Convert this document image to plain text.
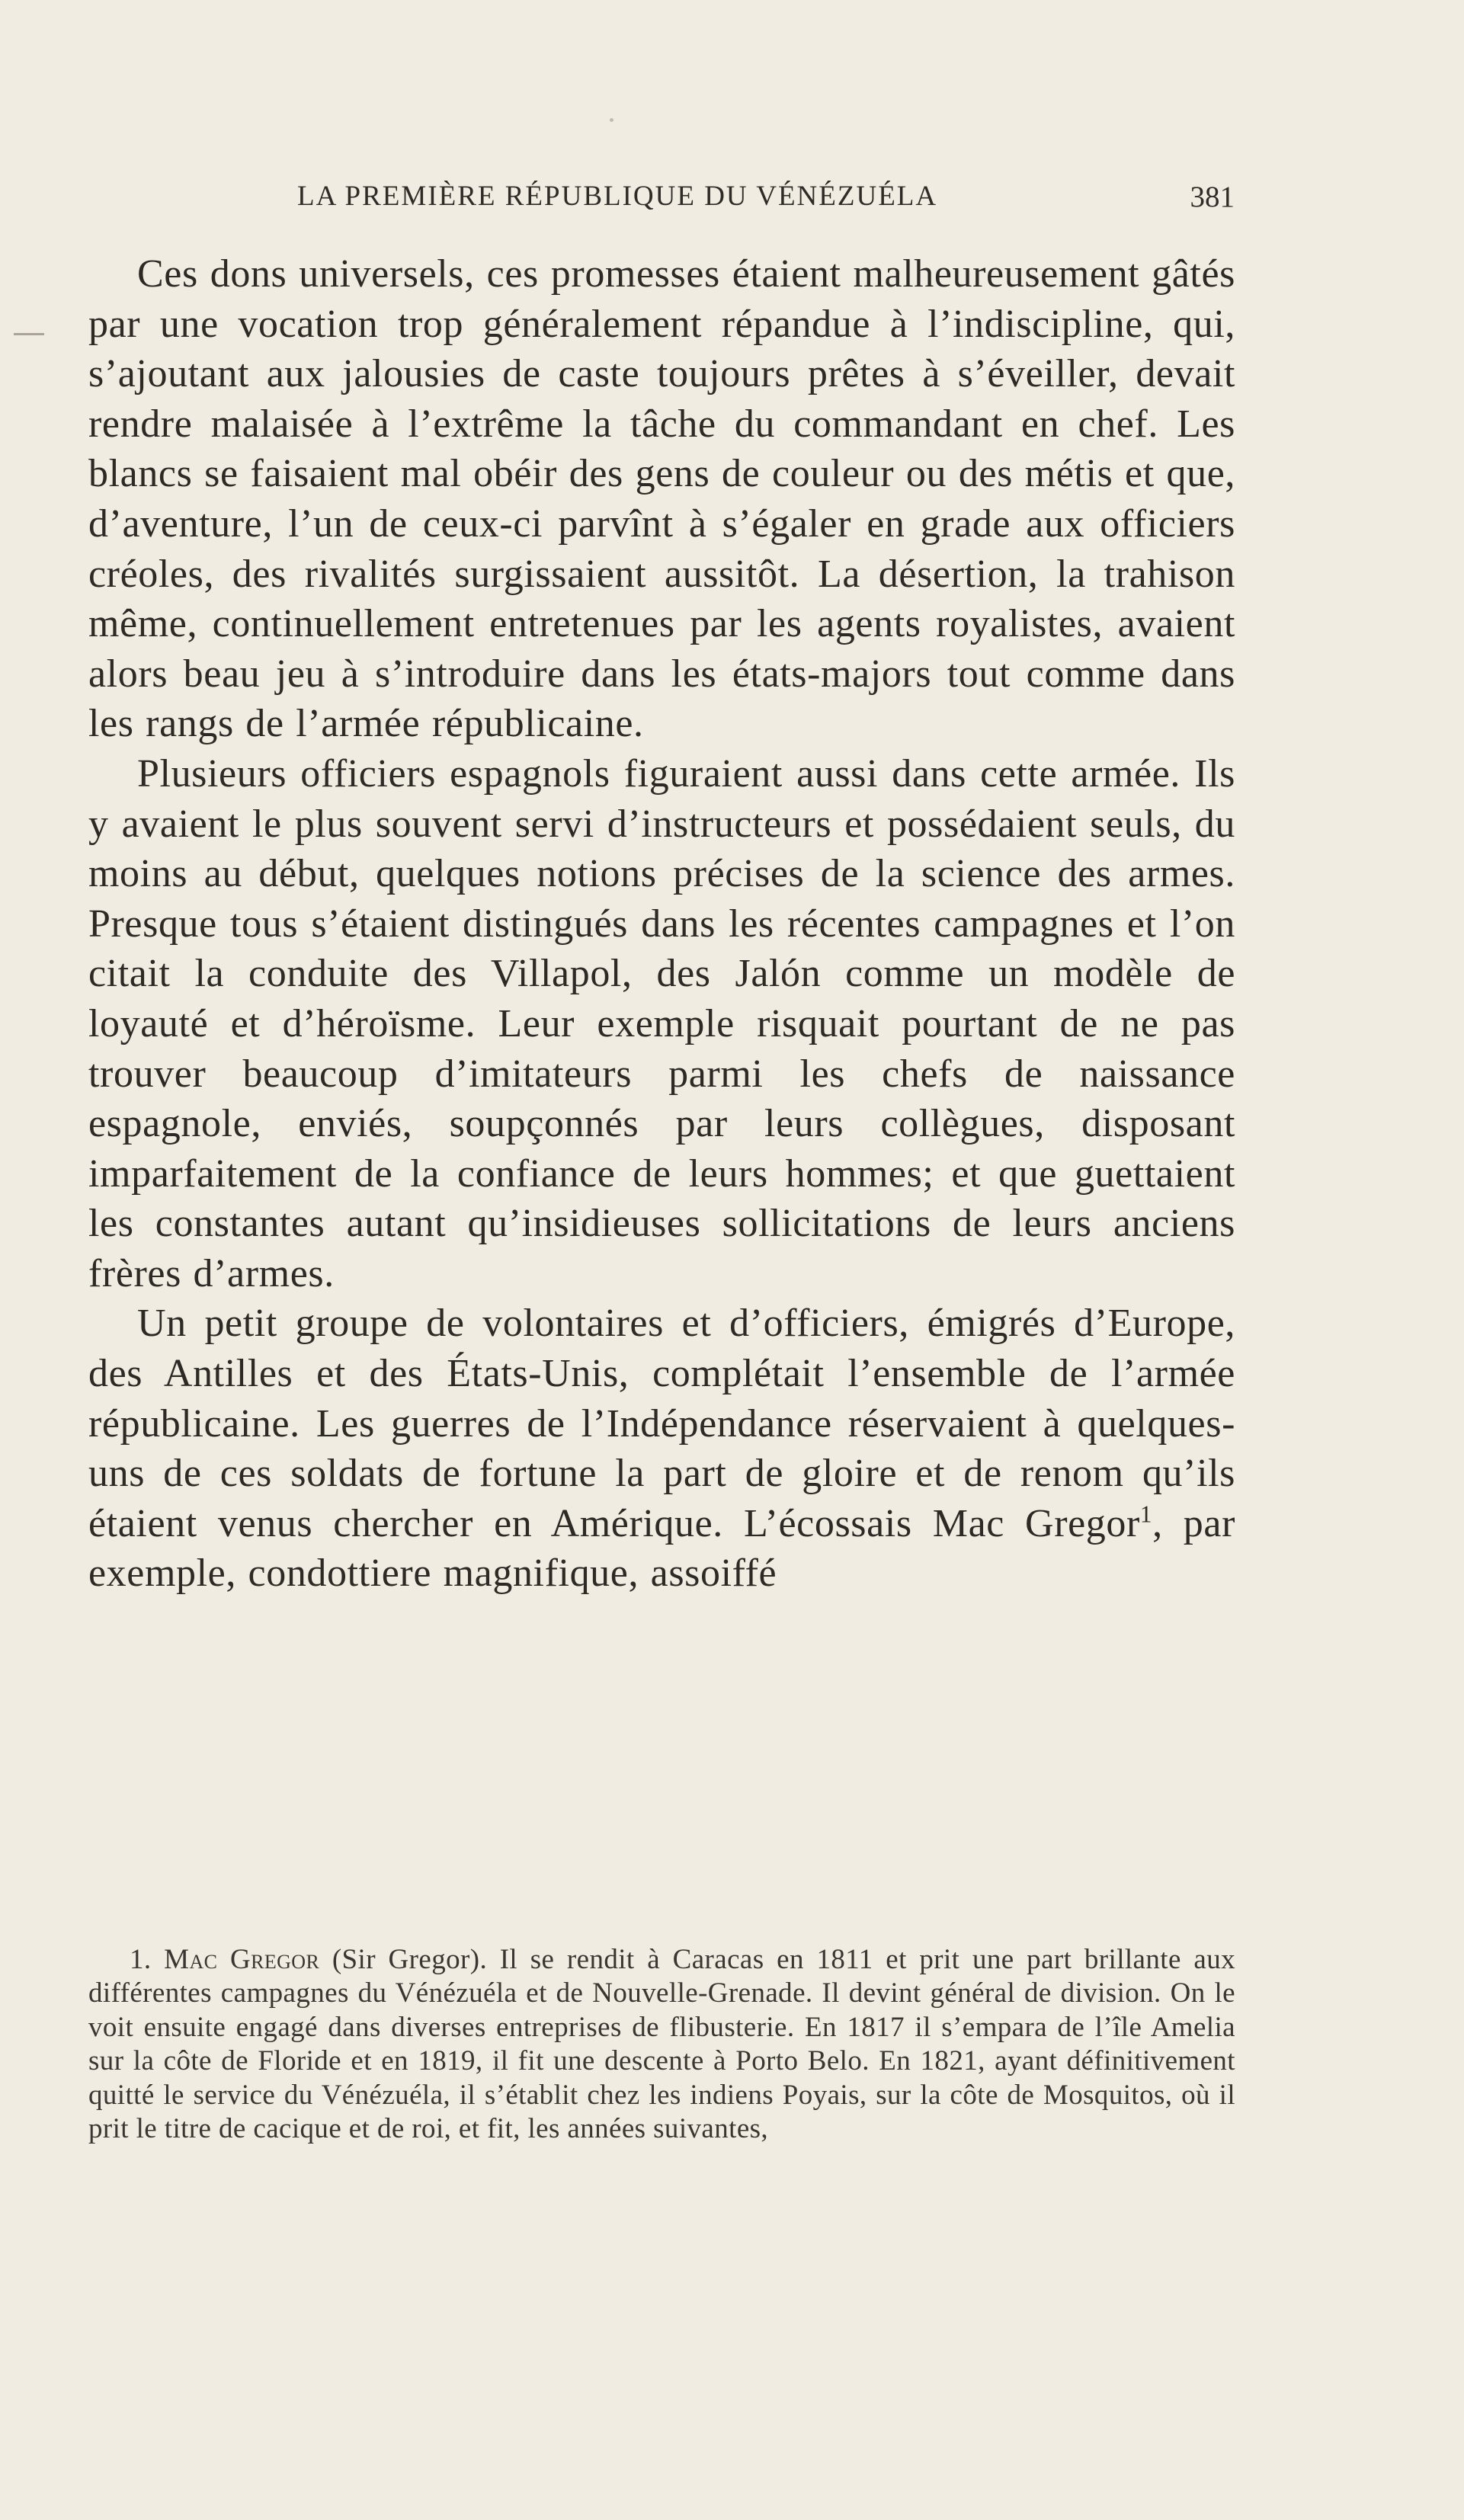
LA PREMIÈRE RÉPUBLIQUE DU VÉNÉZUÉLA	381

Ces dons universels, ces promesses étaient malheureusement gâtés par une vocation trop généralement répandue à l’indiscipline, qui, s’ajoutant aux jalousies de caste toujours prêtes à s’éveiller, devait rendre malaisée à l’extrême la tâche du commandant en chef. Les blancs se faisaient mal obéir des gens de couleur ou des métis et que, d’aventure, l’un de ceux-ci parvînt à s’égaler en grade aux officiers créoles, des rivalités surgissaient aussitôt. La désertion, la trahison même, continuellement entretenues par les agents royalistes, avaient alors beau jeu à s’introduire dans les états-majors tout comme dans les rangs de l’armée républicaine.

Plusieurs officiers espagnols figuraient aussi dans cette armée. Ils y avaient le plus souvent servi d’instructeurs et possédaient seuls, du moins au début, quelques notions précises de la science des armes. Presque tous s’étaient distingués dans les récentes campagnes et l’on citait la conduite des Villapol, des Jalón comme un modèle de loyauté et d’héroïsme. Leur exemple risquait pourtant de ne pas trouver beaucoup d’imitateurs parmi les chefs de naissance espagnole, enviés, soupçonnés par leurs collègues, disposant imparfaitement de la confiance de leurs hommes; et que guettaient les constantes autant qu’insidieuses sollicitations de leurs anciens frères d’armes.

Un petit groupe de volontaires et d’officiers, émigrés d’Europe, des Antilles et des États-Unis, complétait l’ensemble de l’armée républicaine. Les guerres de l’Indépendance réservaient à quelques-uns de ces soldats de fortune la part de gloire et de renom qu’ils étaient venus chercher en Amérique. L’écossais Mac Gregor$^1$, par exemple, condottiere magnifique, assoiffé

1. Mac Gregor (Sir Gregor). Il se rendit à Caracas en 1811 et prit une part brillante aux différentes campagnes du Vénézuéla et de Nouvelle-Grenade. Il devint général de division. On le voit ensuite engagé dans diverses entreprises de flibusterie. En 1817 il s’empara de l’île Amelia sur la côte de Floride et en 1819, il fit une descente à Porto Belo. En 1821, ayant définitivement quitté le service du Vénézuéla, il s’établit chez les indiens Poyais, sur la côte de Mosquitos, où il prit le titre de cacique et de roi, et fit, les années suivantes,
